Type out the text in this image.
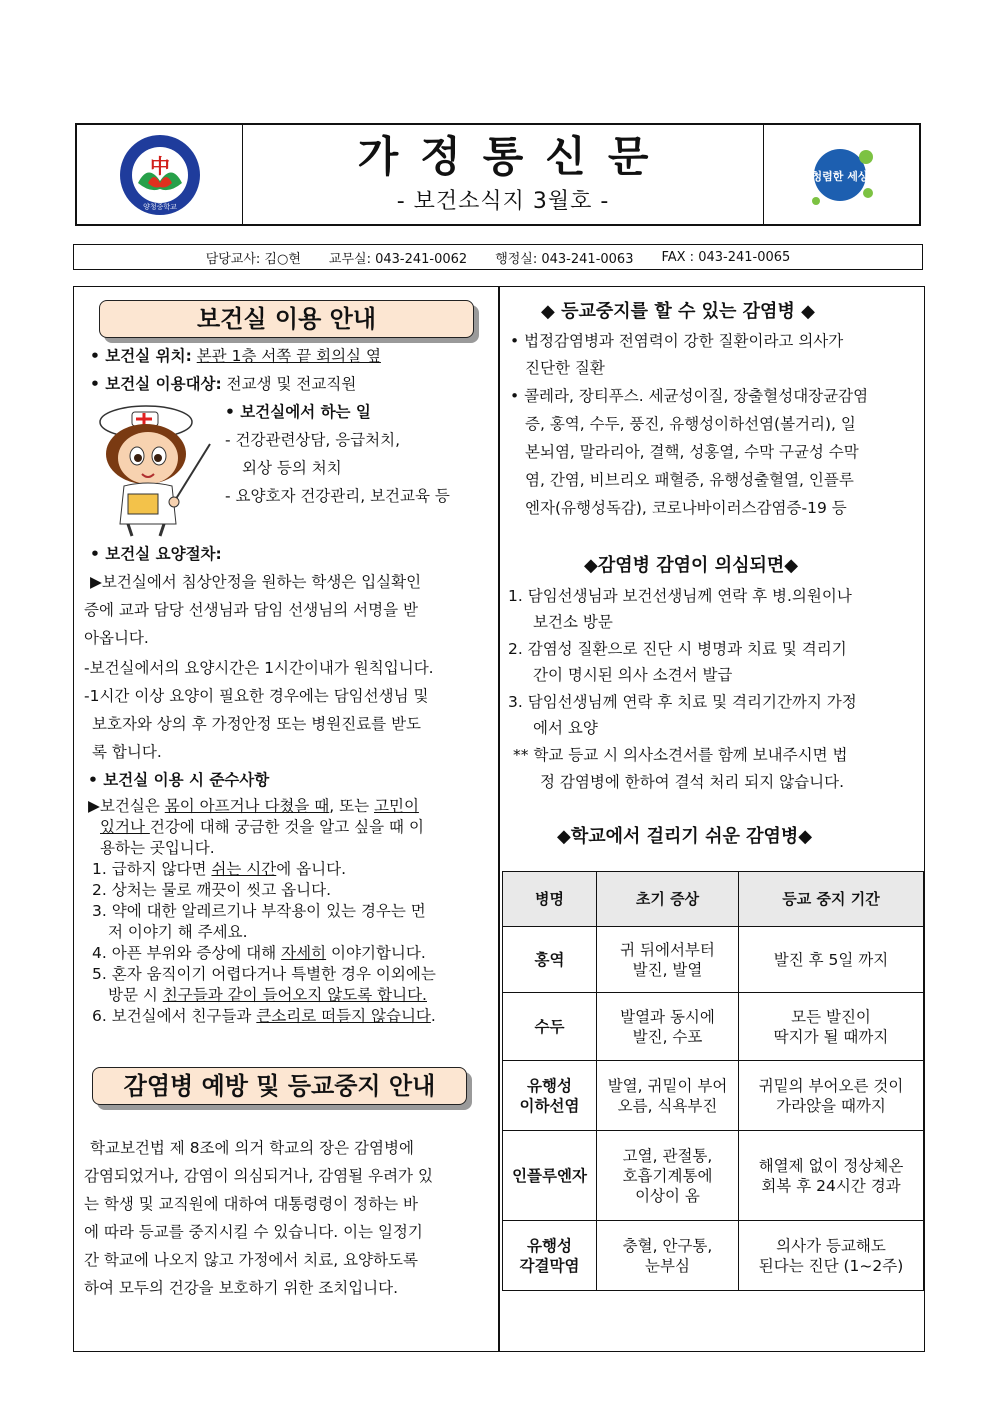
中
양청중학교
가정통신문
- 보건소식지 3월호 -
청렴한 세상
담당교사: 김○현 교무실: 043-241-0062 행정실: 043-241-0063 FAX : 043-241-0065
보건실 이용 안내
• 보건실 위치: 본관 1층 서쪽 끝 회의실 옆
• 보건실 이용대상: 전교생 및 전교직원
• 보건실에서 하는 일
- 건강관련상담, 응급처치,
외상 등의 처치
- 요양호자 건강관리, 보건교육 등
• 보건실 요양절차:
▶보건실에서 침상안정을 원하는 학생은 입실확인
증에 교과 담당 선생님과 담임 선생님의 서명을 받
아옵니다.
-보건실에서의 요양시간은 1시간이내가 원칙입니다.
-1시간 이상 요양이 필요한 경우에는 담임선생님 및
보호자와 상의 후 가정안정 또는 병원진료를 받도
록 합니다.
• 보건실 이용 시 준수사항
▶보건실은 몸이 아프거나 다쳤을 때, 또는 고민이
있거나 건강에 대해 궁금한 것을 알고 싶을 때 이
용하는 곳입니다.
1. 급하지 않다면 쉬는 시간에 옵니다.
2. 상처는 물로 깨끗이 씻고 옵니다.
3. 약에 대한 알레르기나 부작용이 있는 경우는 먼
저 이야기 해 주세요.
4. 아픈 부위와 증상에 대해 자세히 이야기합니다.
5. 혼자 움직이기 어렵다거나 특별한 경우 이외에는
방문 시 친구들과 같이 들어오지 않도록 합니다.
6. 보건실에서 친구들과 큰소리로 떠들지 않습니다.
학교보건법 제 8조에 의거 학교의 장은 감염병에
감염되었거나, 감염이 의심되거나, 감염될 우려가 있
는 학생 및 교직원에 대하여 대통령령이 정하는 바
에 따라 등교를 중지시킬 수 있습니다. 이는 일정기
간 학교에 나오지 않고 가정에서 치료, 요양하도록
하여 모두의 건강을 보호하기 위한 조치입니다.
감염병 예방 및 등교중지 안내
◆ 등교중지를 할 수 있는 감염병 ◆
• 법정감염병과 전염력이 강한 질환이라고 의사가
진단한 질환
• 콜레라, 장티푸스. 세균성이질, 장출혈성대장균감염
증, 홍역, 수두, 풍진, 유행성이하선염(볼거리), 일
본뇌염, 말라리아, 결핵, 성홍열, 수막 구균성 수막
염, 간염, 비브리오 패혈증, 유행성출혈열, 인플루
엔자(유행성독감), 코로나바이러스감염증-19 등
◆감염병 감염이 의심되면◆
1. 담임선생님과 보건선생님께 연락 후 병.의원이나
보건소 방문
2. 감염성 질환으로 진단 시 병명과 치료 및 격리기
간이 명시된 의사 소견서 발급
3. 담임선생님께 연락 후 치료 및 격리기간까지 가정
에서 요양
** 학교 등교 시 의사소견서를 함께 보내주시면 법
정 감염병에 한하여 결석 처리 되지 않습니다.
◆학교에서 걸리기 쉬운 감염병◆
병명	초기 증상	등교 중지 기간
홍역	귀 뒤에서부터
발진, 발열	발진 후 5일 까지
수두	발열과 동시에
발진, 수포	모든 발진이
딱지가 될 때까지
유행성
이하선염	발열, 귀밑이 부어
오름, 식욕부진	귀밑의 부어오른 것이
가라앉을 때까지
인플루엔자	고열, 관절통,
호흡기계통에
이상이 옴	해열제 없이 정상체온
회복 후 24시간 경과
유행성
각결막염	충혈, 안구통,
눈부심	의사가 등교해도
된다는 진단 (1~2주)
